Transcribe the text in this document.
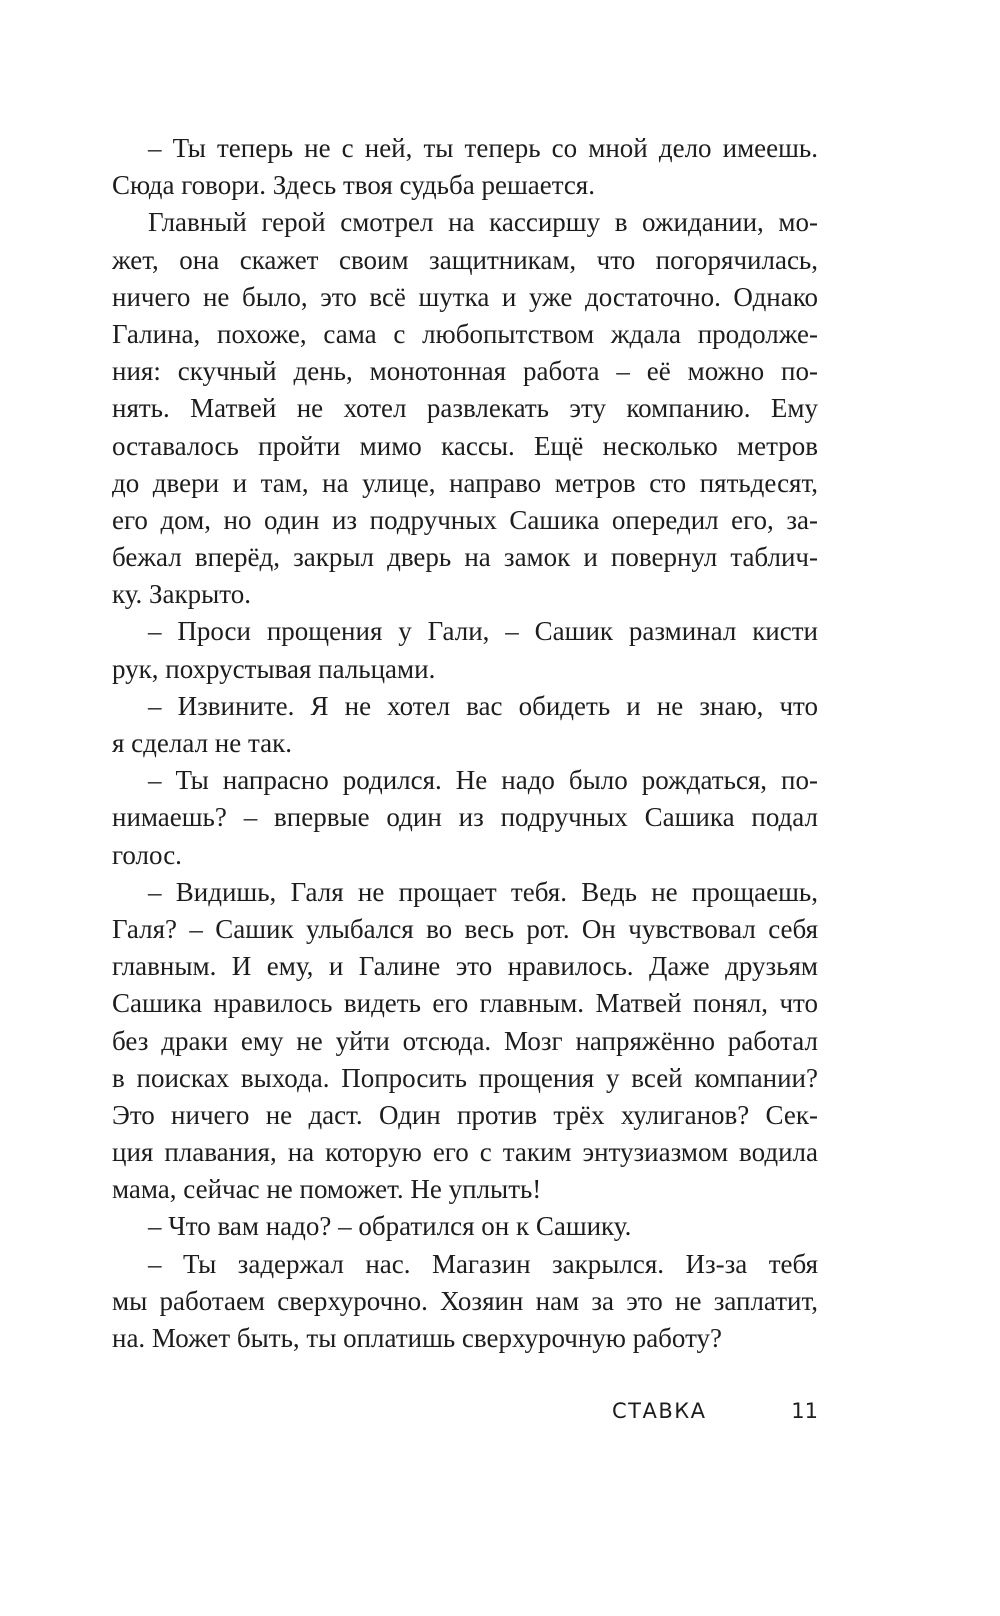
– Ты теперь не с ней, ты теперь со мной дело имеешь.
Сюда говори. Здесь твоя судьба решается.
Главный герой смотрел на кассиршу в ожидании, мо-
жет, она скажет своим защитникам, что погорячилась,
ничего не было, это всё шутка и уже достаточно. Однако
Галина, похоже, сама с любопытством ждала продолже-
ния: скучный день, монотонная работа – её можно по-
нять. Матвей не хотел развлекать эту компанию. Ему
оставалось пройти мимо кассы. Ещё несколько метров
до двери и там, на улице, направо метров сто пятьдесят,
его дом, но один из подручных Сашика опередил его, за-
бежал вперёд, закрыл дверь на замок и повернул таблич-
ку. Закрыто.
– Проси прощения у Гали, – Сашик разминал кисти
рук, похрустывая пальцами.
– Извините. Я не хотел вас обидеть и не знаю, что
я сделал не так.
– Ты напрасно родился. Не надо было рождаться, по-
нимаешь? – впервые один из подручных Сашика подал
голос.
– Видишь, Галя не прощает тебя. Ведь не прощаешь,
Галя? – Сашик улыбался во весь рот. Он чувствовал себя
главным. И ему, и Галине это нравилось. Даже друзьям
Сашика нравилось видеть его главным. Матвей понял, что
без драки ему не уйти отсюда. Мозг напряжённо работал
в поисках выхода. Попросить прощения у всей компании?
Это ничего не даст. Один против трёх хулиганов? Сек-
ция плавания, на которую его с таким энтузиазмом водила
мама, сейчас не поможет. Не уплыть!
– Что вам надо? – обратился он к Сашику.
– Ты задержал нас. Магазин закрылся. Из-за тебя
мы работаем сверхурочно. Хозяин нам за это не заплатит,
на. Может быть, ты оплатишь сверхурочную работу?
СТАВКА	11
